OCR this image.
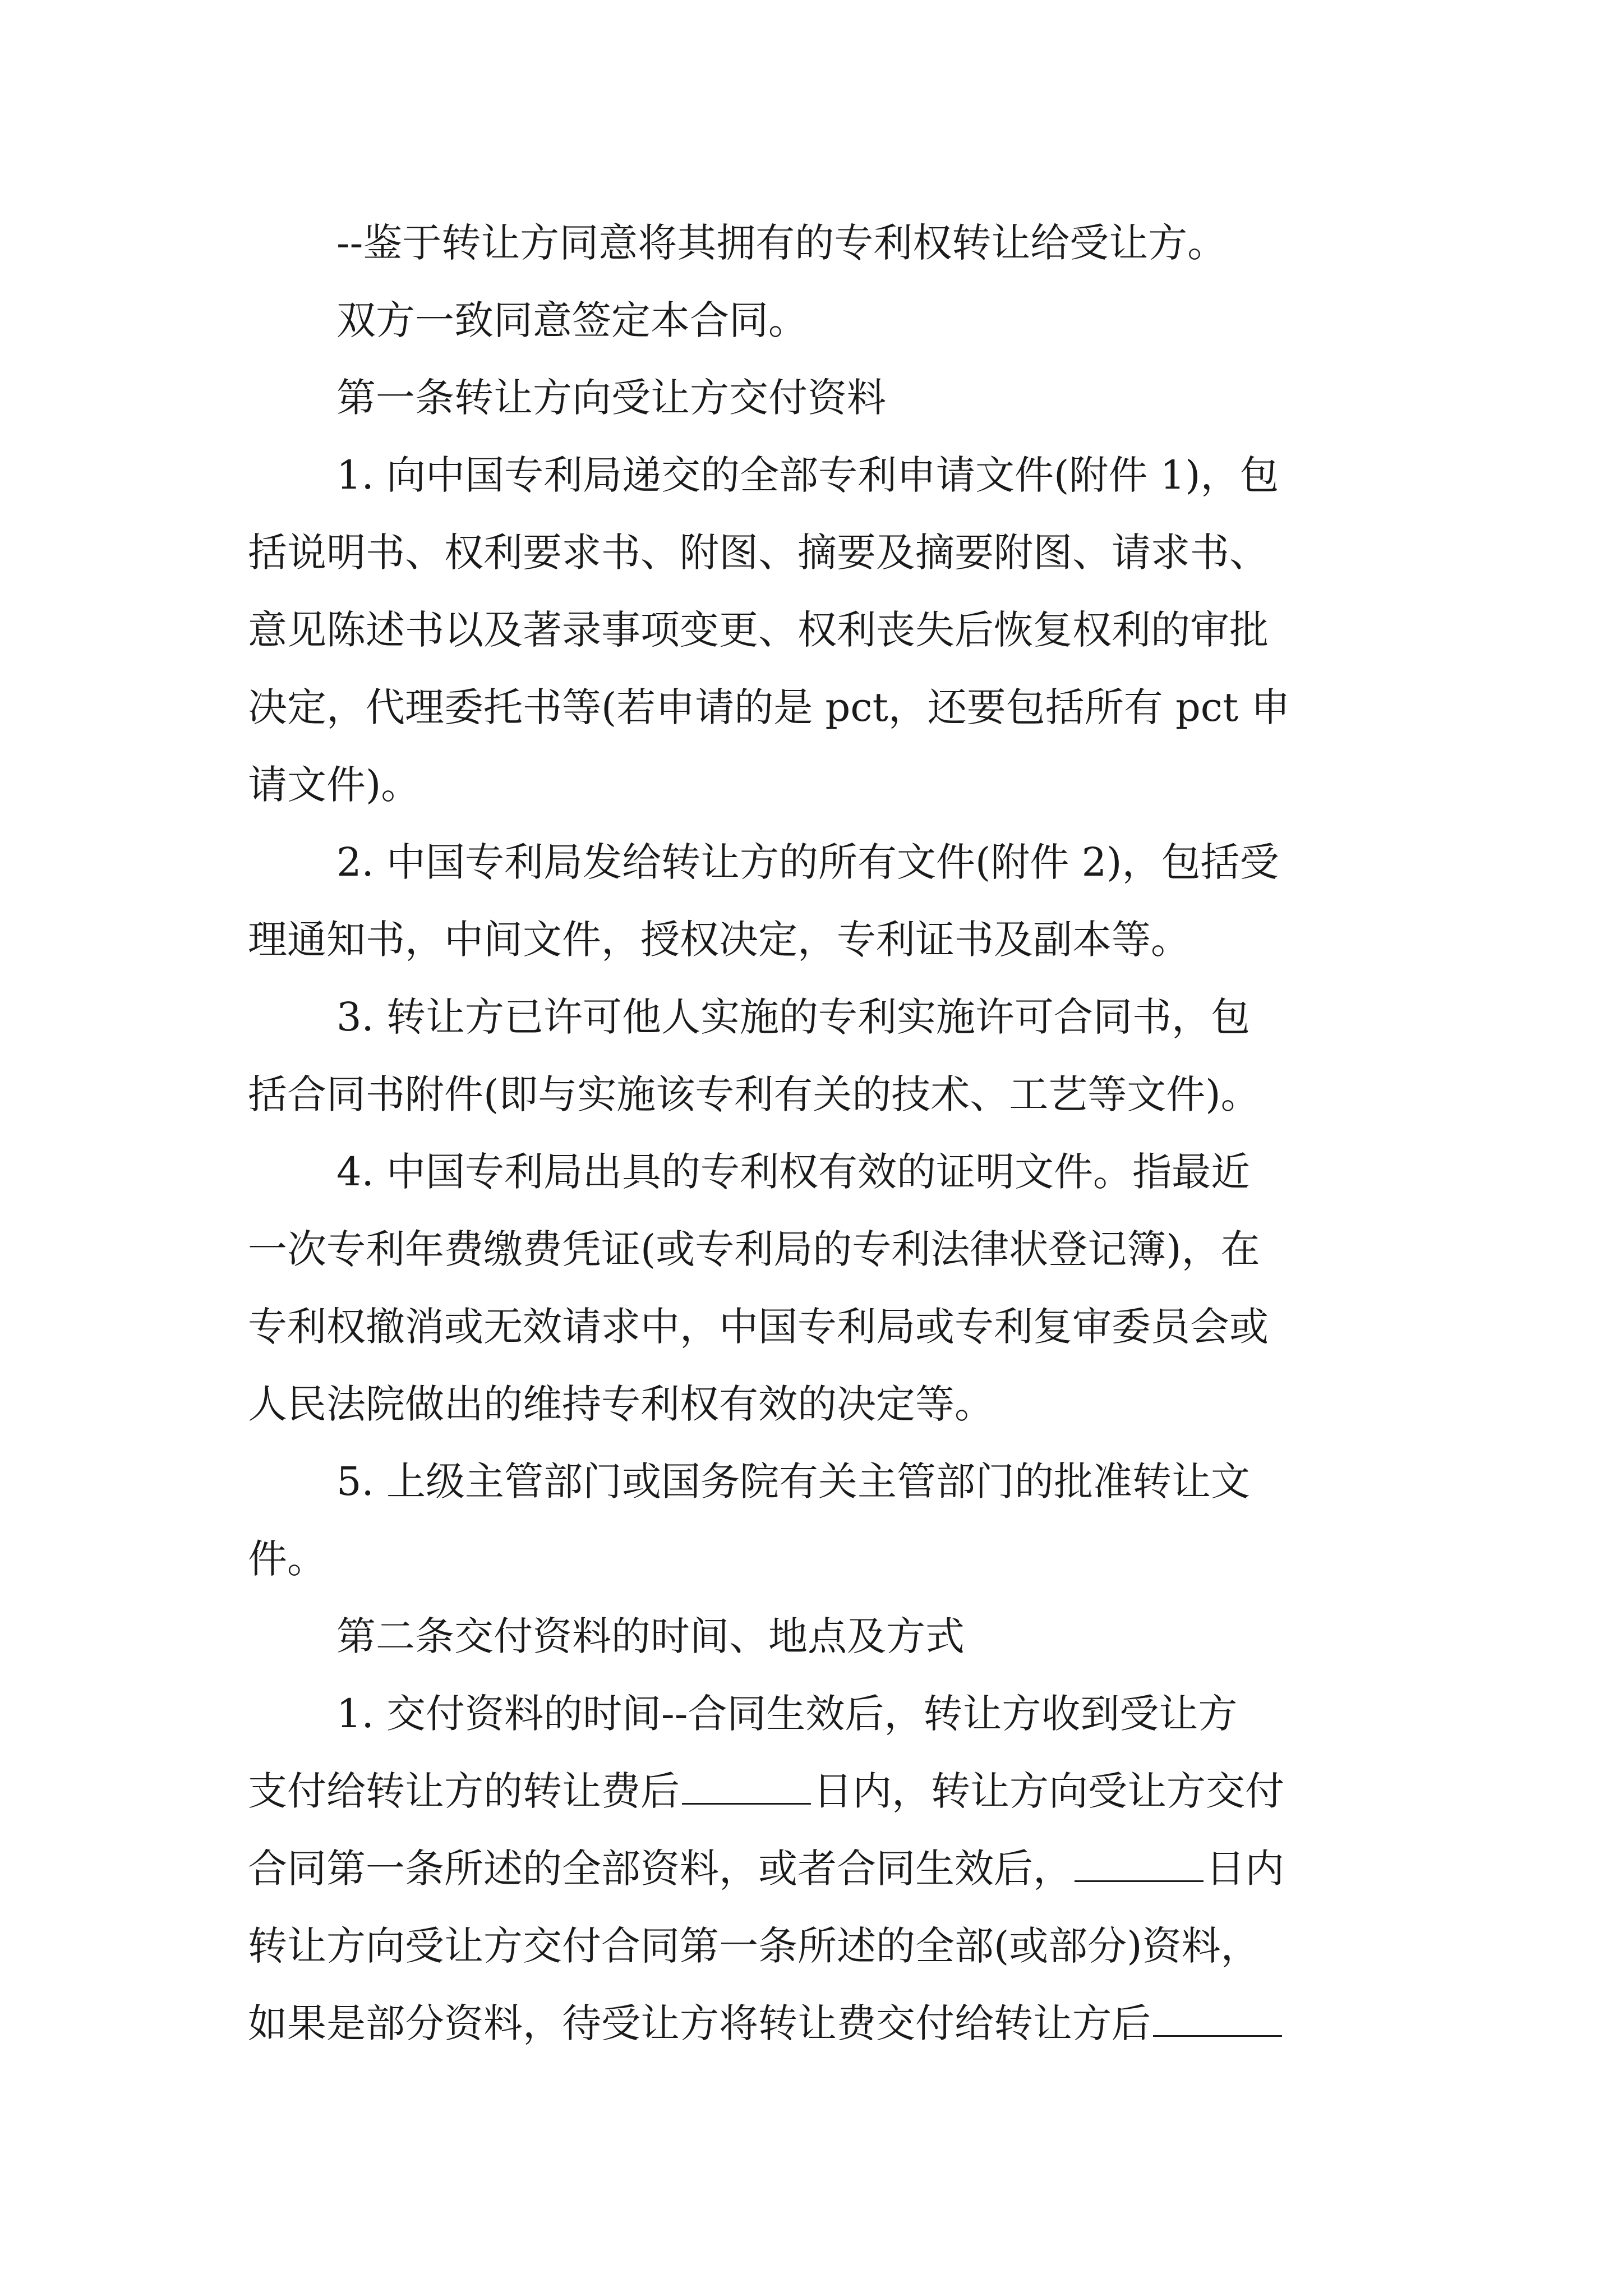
--鉴于转让方同意将其拥有的专利权转让给受让方。
双方一致同意签定本合同。
第一条转让方向受让方交付资料
1. 向中国专利局递交的全部专利申请文件(附件 1)，包
括说明书、权利要求书、附图、摘要及摘要附图、请求书、
意见陈述书以及著录事项变更、权利丧失后恢复权利的审批
决定，代理委托书等(若申请的是 pct，还要包括所有 pct 申
请文件)。
2. 中国专利局发给转让方的所有文件(附件 2)，包括受
理通知书，中间文件，授权决定，专利证书及副本等。
3. 转让方已许可他人实施的专利实施许可合同书，包
括合同书附件(即与实施该专利有关的技术、工艺等文件)。
4. 中国专利局出具的专利权有效的证明文件。指最近
一次专利年费缴费凭证(或专利局的专利法律状登记簿)，在
专利权撤消或无效请求中，中国专利局或专利复审委员会或
人民法院做出的维持专利权有效的决定等。
5. 上级主管部门或国务院有关主管部门的批准转让文
件。
第二条交付资料的时间、地点及方式
1. 交付资料的时间--合同生效后，转让方收到受让方
支付给转让方的转让费后	日内，转让方向受让方交付
合同第一条所述的全部资料，或者合同生效后，	日内
转让方向受让方交付合同第一条所述的全部(或部分)资料，
如果是部分资料，待受让方将转让费交付给转让方后
